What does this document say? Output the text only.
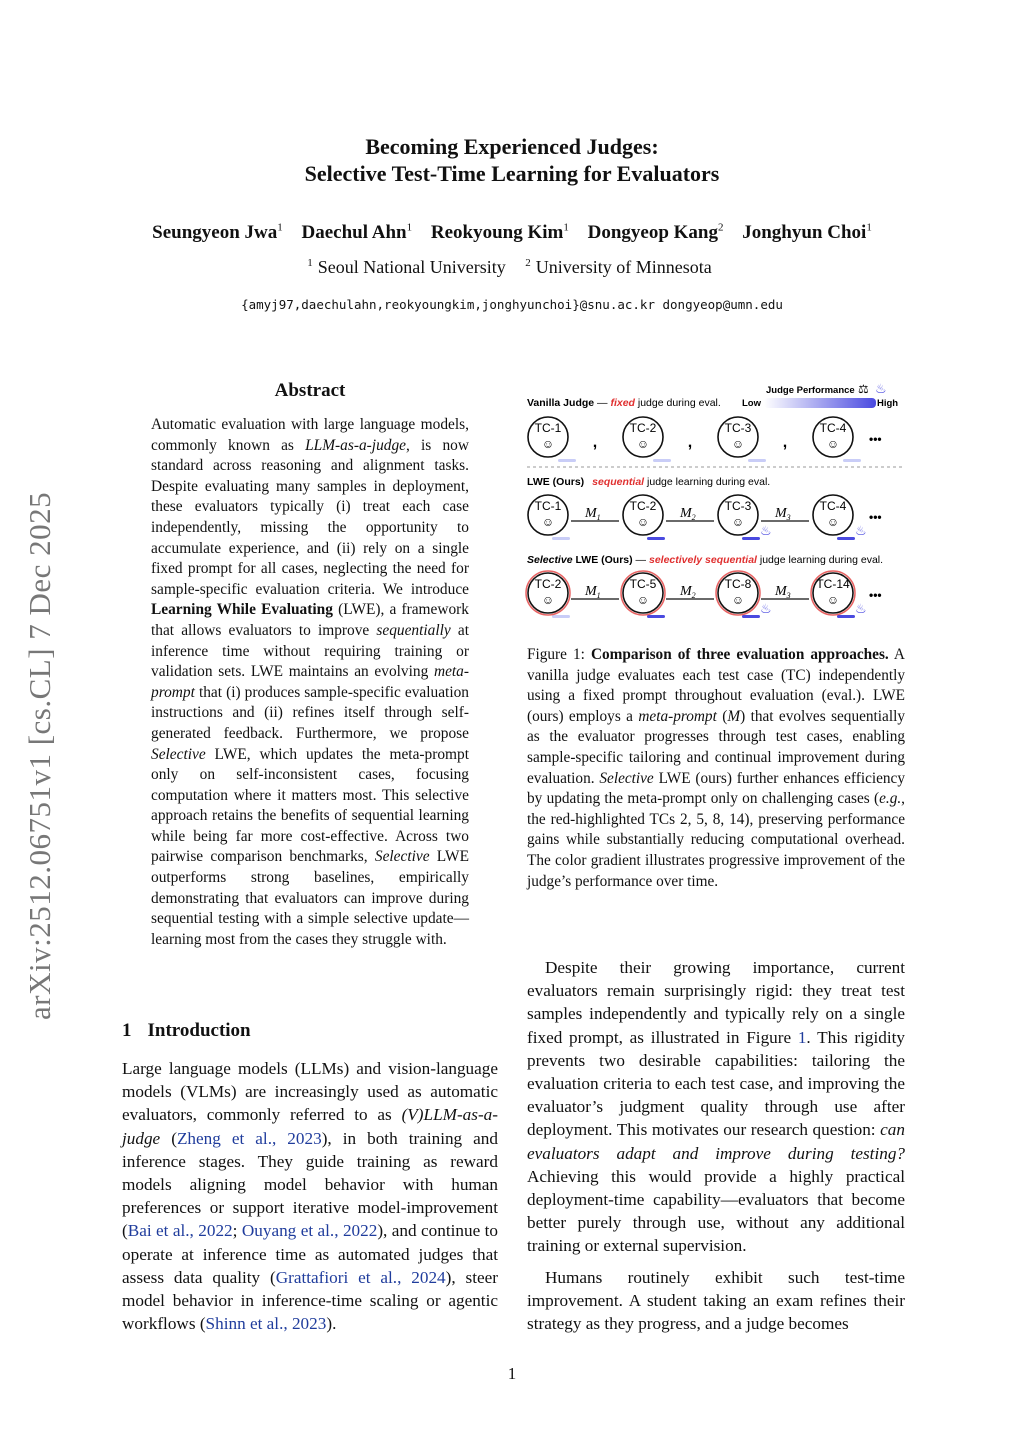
Becoming Experienced Judges:
Selective Test-Time Learning for Evaluators
Seungyeon Jwa$^1$ Daechul Ahn$^1$ Reokyoung Kim$^1$ Dongyeop Kang$^2$ Jonghyun Choi$^1$
$^1$ Seoul National University $^2$ University of Minnesota
{amyj97,daechulahn,reokyoungkim,jonghyunchoi}@snu.ac.kr dongyeop@umn.edu
arXiv:2512.06751v1 [cs.CL] 7 Dec 2025
Abstract

Automatic evaluation with large language models, commonly known as LLM-as-a-judge, is now standard across reasoning and alignment tasks. Despite evaluating many samples in deployment, these evaluators typically (i) treat each case independently, missing the opportunity to accumulate experience, and (ii) rely on a single fixed prompt for all cases, neglecting the need for sample-specific evaluation criteria. We introduce Learning While Evaluating (LWE), a framework that allows evaluators to improve sequentially at inference time without requiring training or validation sets. LWE maintains an evolving meta-prompt that (i) produces sample-specific evaluation instructions and (ii) refines itself through self-generated feedback. Furthermore, we propose Selective LWE, which updates the meta-prompt only on self-inconsistent cases, focusing computation where it matters most. This selective approach retains the benefits of sequential learning while being far more cost-effective. Across two pairwise comparison benchmarks, Selective LWE outperforms strong baselines, empirically demonstrating that evaluators can improve during sequential testing with a simple selective update—learning most from the cases they struggle with.

1 Introduction

Large language models (LLMs) and vision-language models (VLMs) are increasingly used as automatic evaluators, commonly referred to as (V)LLM-as-a-judge (Zheng et al., 2023), in both training and inference stages. They guide training as reward models aligning model behavior with human preferences or support iterative model-improvement (Bai et al., 2022; Ouyang et al., 2022), and continue to operate at inference time as automated judges that assess data quality (Grattafiori et al., 2024), steer model behavior in inference-time scaling or agentic workflows (Shinn et al., 2023).

Judge Performance ⚖ ♨
Low	High
Vanilla Judge — fixed judge during eval.
TC-1
☺ ,
TC-2
☺ ,
TC-3
☺ ,
TC-4
☺ •••
LWE (Ours) sequential judge learning during eval.
TC-1
☺
$M_1$
TC-2
☺
$M_2$
TC-3
☺
♨
$M_3$
TC-4
☺
♨
•••
Selective LWE (Ours) — selectively sequential judge learning during eval.
TC-2
☺
$M_1$
TC-5
☺
$M_2$
TC-8
☺
♨
$M_3$
TC-14
☺
♨
•••
Figure 1: Comparison of three evaluation approaches. A vanilla judge evaluates each test case (TC) independently using a fixed prompt throughout evaluation (eval.). LWE (ours) employs a meta-prompt (M) that evolves sequentially as the evaluator progresses through test cases, enabling sample-specific tailoring and continual improvement during evaluation. Selective LWE (ours) further enhances efficiency by updating the meta-prompt only on challenging cases (e.g., the red-highlighted TCs 2, 5, 8, 14), preserving performance gains while substantially reducing computational overhead. The color gradient illustrates progressive improvement of the judge’s performance over time.

Despite their growing importance, current evaluators remain surprisingly rigid: they treat test samples independently and typically rely on a single fixed prompt, as illustrated in Figure 1. This rigidity prevents two desirable capabilities: tailoring the evaluation criteria to each test case, and improving the evaluator’s judgment quality through use after deployment. This motivates our research question: can evaluators adapt and improve during testing? Achieving this would provide a highly practical deployment-time capability—evaluators that become better purely through use, without any additional training or external supervision.

Humans routinely exhibit such test-time improvement. A student taking an exam refines their strategy as they progress, and a judge becomes

1
